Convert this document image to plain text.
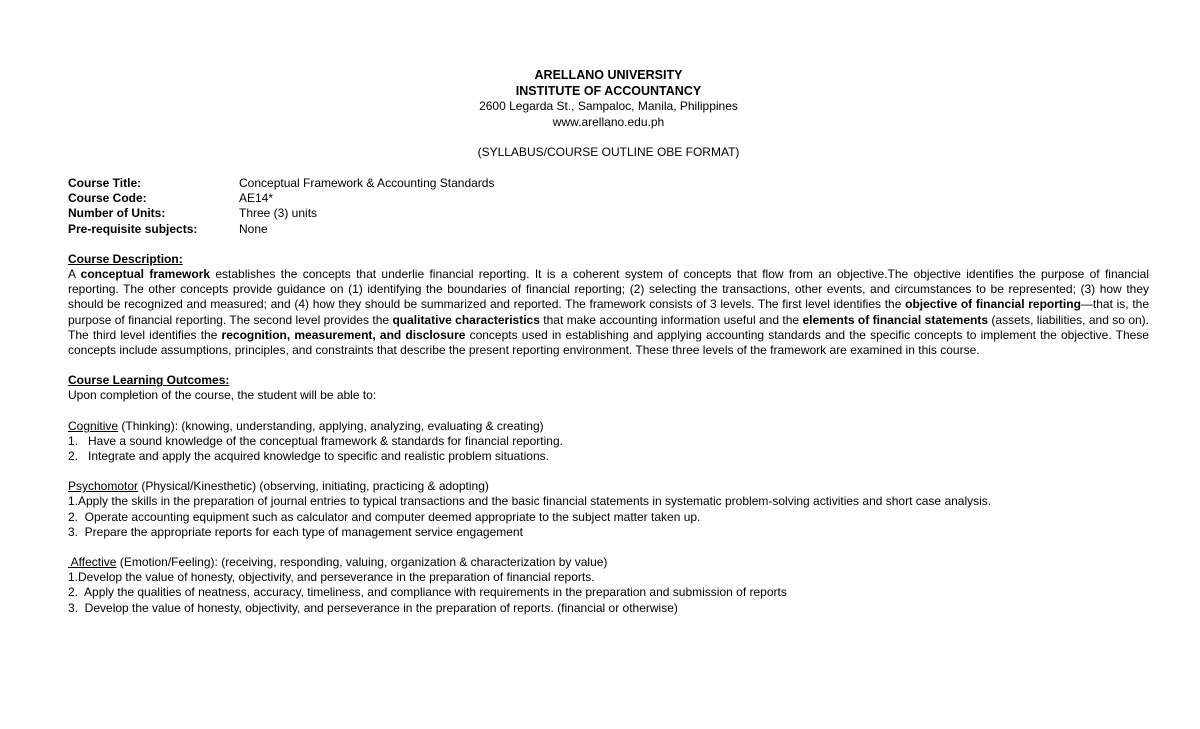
ARELLANO UNIVERSITY
INSTITUTE OF ACCOUNTANCY
2600 Legarda St., Sampaloc, Manila, Philippines
www.arellano.edu.ph
(SYLLABUS/COURSE OUTLINE OBE FORMAT)
Course Title:	Conceptual Framework & Accounting Standards
Course Code:	AE14*
Number of Units:	Three (3) units
Pre-requisite subjects:	None
Course Description:
A conceptual framework establishes the concepts that underlie financial reporting. It is a coherent system of concepts that flow from an objective.The objective identifies the purpose of financial reporting. The other concepts provide guidance on (1) identifying the boundaries of financial reporting; (2) selecting the transactions, other events, and circumstances to be represented; (3) how they should be recognized and measured; and (4) how they should be summarized and reported. The framework consists of 3 levels. The first level identifies the objective of financial reporting—that is, the purpose of financial reporting. The second level provides the qualitative characteristics that make accounting information useful and the elements of financial statements (assets, liabilities, and so on). The third level identifies the recognition, measurement, and disclosure concepts used in establishing and applying accounting standards and the specific concepts to implement the objective. These concepts include assumptions, principles, and constraints that describe the present reporting environment. These three levels of the framework are examined in this course.
Course Learning Outcomes:
Upon completion of the course, the student will be able to:
Cognitive (Thinking): (knowing, understanding, applying, analyzing, evaluating & creating)
1.   Have a sound knowledge of the conceptual framework & standards for financial reporting.
2.   Integrate and apply the acquired knowledge to specific and realistic problem situations.
Psychomotor (Physical/Kinesthetic) (observing, initiating, practicing & adopting)
1.Apply the skills in the preparation of journal entries to typical transactions and the basic financial statements in systematic problem-solving activities and short case analysis.
2.  Operate accounting equipment such as calculator and computer deemed appropriate to the subject matter taken up.
3.  Prepare the appropriate reports for each type of management service engagement
Affective (Emotion/Feeling): (receiving, responding, valuing, organization & characterization by value)
1.Develop the value of honesty, objectivity, and perseverance in the preparation of financial reports.
2.  Apply the qualities of neatness, accuracy, timeliness, and compliance with requirements in the preparation and submission of reports
3.  Develop the value of honesty, objectivity, and perseverance in the preparation of reports. (financial or otherwise)
